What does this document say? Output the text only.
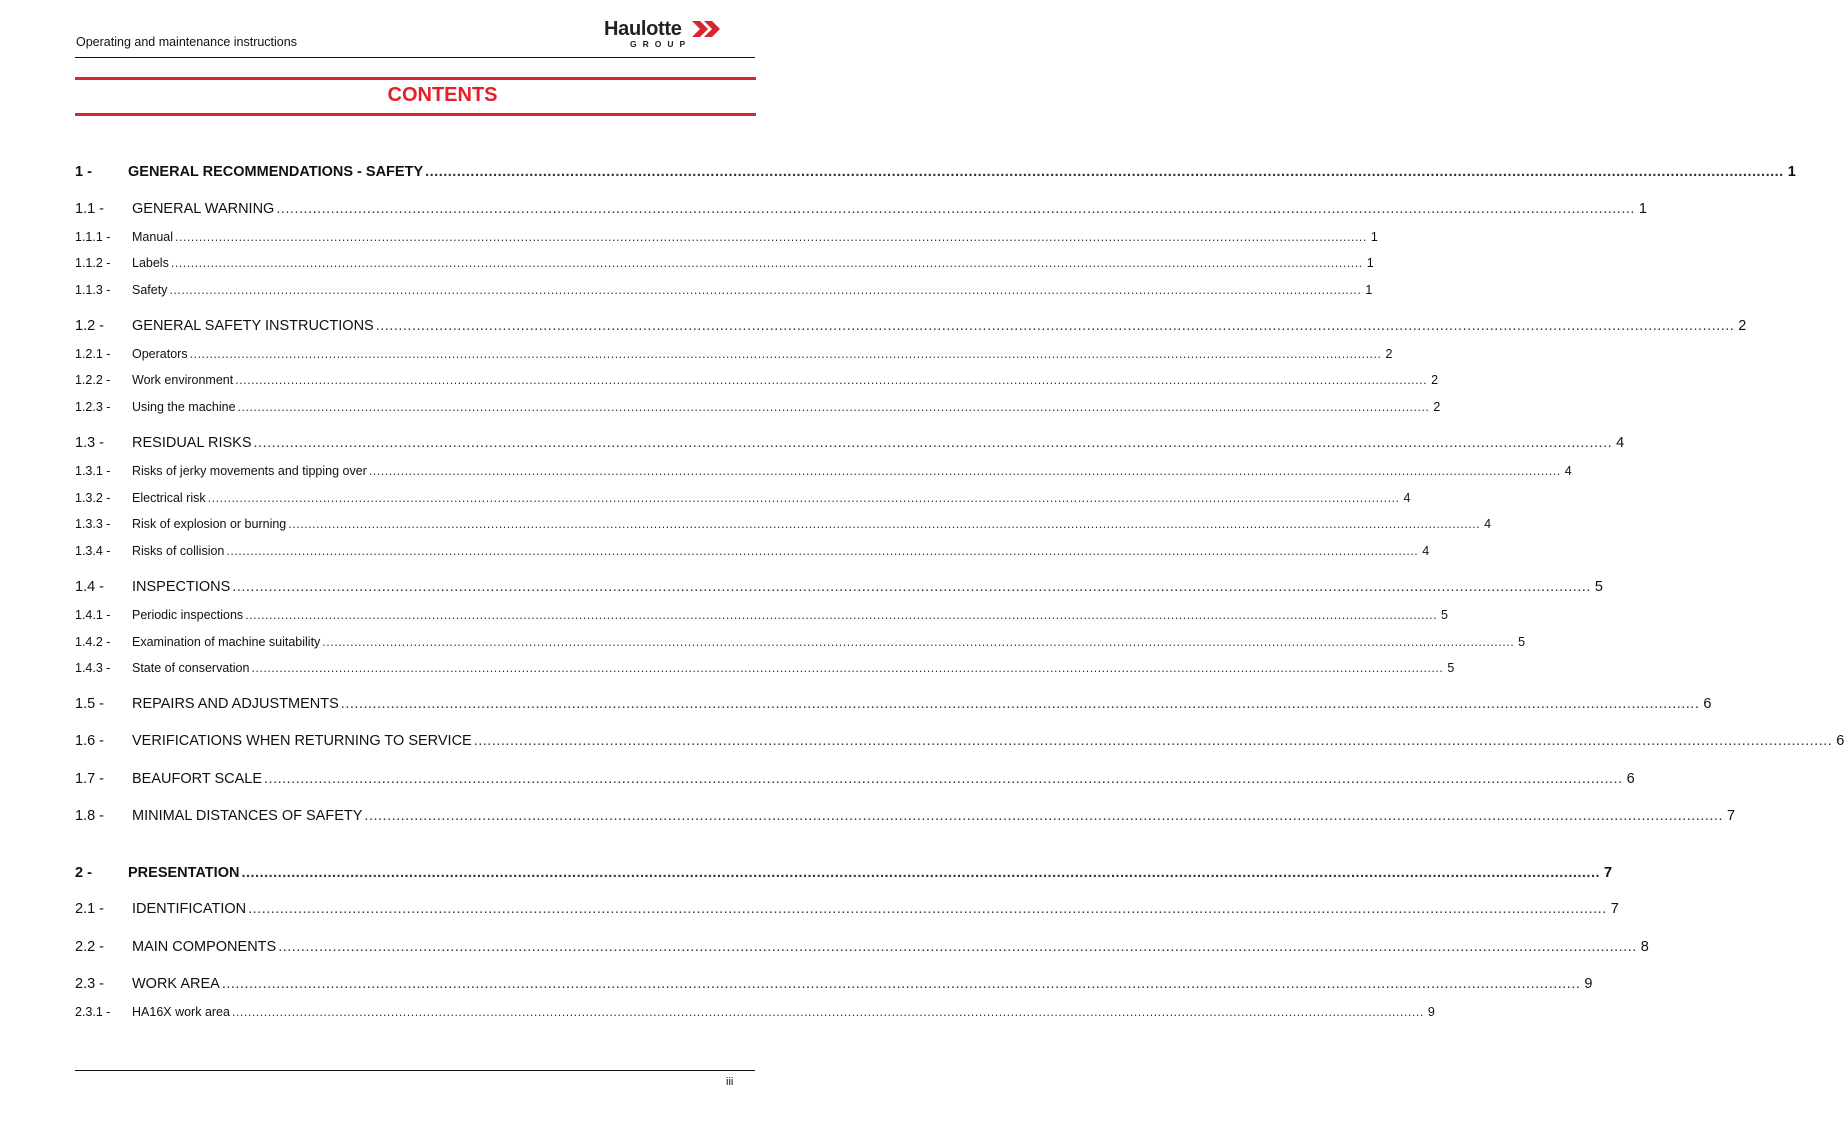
Operating and maintenance instructions
Haulotte
GROUP
CONTENTS
1 -	GENERAL RECOMMENDATIONS - SAFETY ............................................................................................................................................................................................................................................................................................................ 1
1.1 -	GENERAL WARNING ............................................................................................................................................................................................................................................................................................................ 1
1.1.1 -	Manual ............................................................................................................................................................................................................................................................................................................ 1
1.1.2 -	Labels ............................................................................................................................................................................................................................................................................................................ 1
1.1.3 -	Safety ............................................................................................................................................................................................................................................................................................................ 1
1.2 -	GENERAL SAFETY INSTRUCTIONS ............................................................................................................................................................................................................................................................................................................ 2
1.2.1 -	Operators ............................................................................................................................................................................................................................................................................................................ 2
1.2.2 -	Work environment ............................................................................................................................................................................................................................................................................................................ 2
1.2.3 -	Using the machine ............................................................................................................................................................................................................................................................................................................ 2
1.3 -	RESIDUAL RISKS ............................................................................................................................................................................................................................................................................................................ 4
1.3.1 -	Risks of jerky movements and tipping over ............................................................................................................................................................................................................................................................................................................ 4
1.3.2 -	Electrical risk ............................................................................................................................................................................................................................................................................................................ 4
1.3.3 -	Risk of explosion or burning ............................................................................................................................................................................................................................................................................................................ 4
1.3.4 -	Risks of collision ............................................................................................................................................................................................................................................................................................................ 4
1.4 -	INSPECTIONS ............................................................................................................................................................................................................................................................................................................ 5
1.4.1 -	Periodic inspections ............................................................................................................................................................................................................................................................................................................ 5
1.4.2 -	Examination of machine suitability ............................................................................................................................................................................................................................................................................................................ 5
1.4.3 -	State of conservation ............................................................................................................................................................................................................................................................................................................ 5
1.5 -	REPAIRS AND ADJUSTMENTS ............................................................................................................................................................................................................................................................................................................ 6
1.6 -	VERIFICATIONS WHEN RETURNING TO SERVICE ............................................................................................................................................................................................................................................................................................................ 6
1.7 -	BEAUFORT SCALE ............................................................................................................................................................................................................................................................................................................ 6
1.8 -	MINIMAL DISTANCES OF SAFETY ............................................................................................................................................................................................................................................................................................................ 7
2 -	PRESENTATION ............................................................................................................................................................................................................................................................................................................ 7
2.1 -	IDENTIFICATION ............................................................................................................................................................................................................................................................................................................ 7
2.2 -	MAIN COMPONENTS ............................................................................................................................................................................................................................................................................................................ 8
2.3 -	WORK AREA ............................................................................................................................................................................................................................................................................................................ 9
2.3.1 -	HA16X work area ............................................................................................................................................................................................................................................................................................................ 9
iii
